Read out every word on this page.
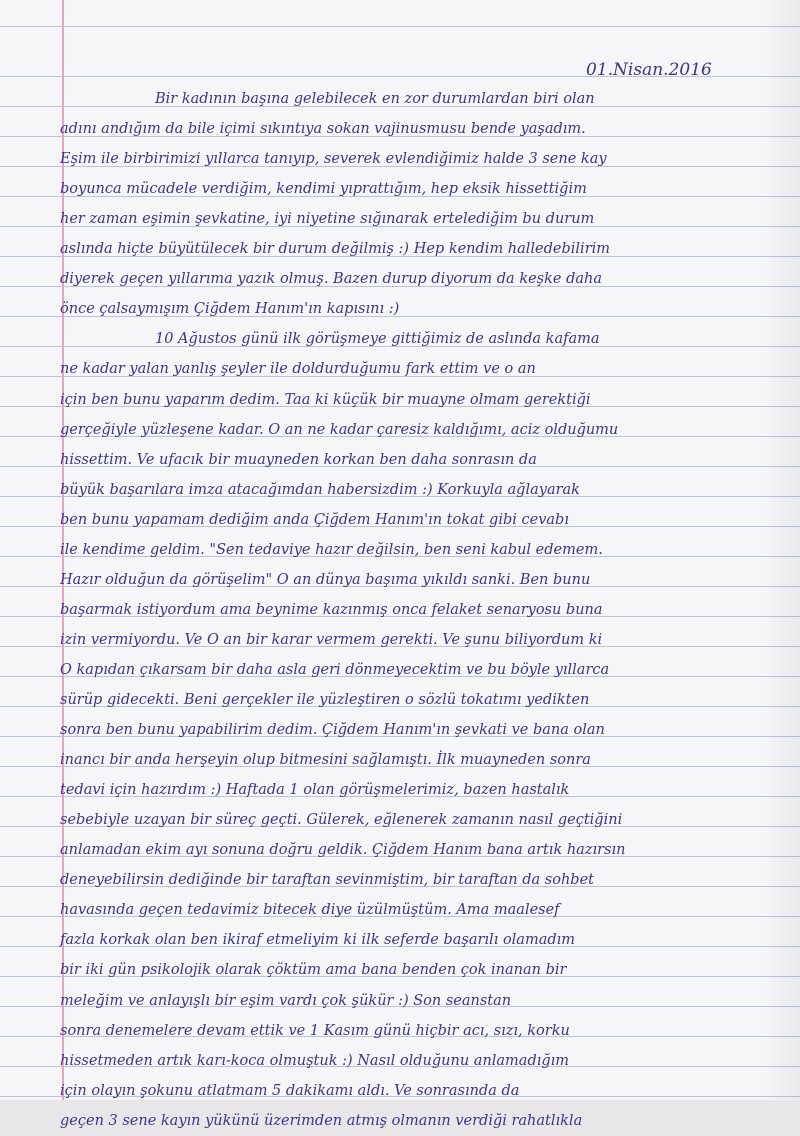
01.Nisan.2016
Bir kadının başına gelebilecek en zor durumlardan biri olan
adını andığım da bile içimi sıkıntıya sokan vajinusmusu bende yaşadım.
Eşim ile birbirimizi yıllarca tanıyıp, severek evlendiğimiz halde 3 sene kay
boyunca mücadele verdiğim, kendimi yıprattığım, hep eksik hissettiğim
her zaman eşimin şevkatine, iyi niyetine sığınarak ertelediğim bu durum
aslında hiçte büyütülecek bir durum değilmiş :) Hep kendim halledebilirim
diyerek geçen yıllarıma yazık olmuş. Bazen durup diyorum da keşke daha
önce çalsaymışım Çiğdem Hanım'ın kapısını :)
10 Ağustos günü ilk görüşmeye gittiğimiz de aslında kafama
ne kadar yalan yanlış şeyler ile doldurduğumu fark ettim ve o an
için ben bunu yaparım dedim. Taa ki küçük bir muayne olmam gerektiği
gerçeğiyle yüzleşene kadar. O an ne kadar çaresiz kaldığımı, aciz olduğumu
hissettim. Ve ufacık bir muayneden korkan ben daha sonrasın da
büyük başarılara imza atacağımdan habersizdim :) Korkuyla ağlayarak
ben bunu yapamam dediğim anda Çiğdem Hanım'ın tokat gibi cevabı
ile kendime geldim. "Sen tedaviye hazır değilsin, ben seni kabul edemem.
Hazır olduğun da görüşelim" O an dünya başıma yıkıldı sanki. Ben bunu
başarmak istiyordum ama beynime kazınmış onca felaket senaryosu buna
izin vermiyordu. Ve O an bir karar vermem gerekti. Ve şunu biliyordum ki
O kapıdan çıkarsam bir daha asla geri dönmeyecektim ve bu böyle yıllarca
sürüp gidecekti. Beni gerçekler ile yüzleştiren o sözlü tokatımı yedikten
sonra ben bunu yapabilirim dedim. Çiğdem Hanım'ın şevkati ve bana olan
inancı bir anda herşeyin olup bitmesini sağlamıştı. İlk muayneden sonra
tedavi için hazırdım :) Haftada 1 olan görüşmelerimiz, bazen hastalık
sebebiyle uzayan bir süreç geçti. Gülerek, eğlenerek zamanın nasıl geçtiğini
anlamadan ekim ayı sonuna doğru geldik. Çiğdem Hanım bana artık hazırsın
deneyebilirsin dediğinde bir taraftan sevinmiştim, bir taraftan da sohbet
havasında geçen tedavimiz bitecek diye üzülmüştüm. Ama maalesef
fazla korkak olan ben ikiraf etmeliyim ki ilk seferde başarılı olamadım
bir iki gün psikolojik olarak çöktüm ama bana benden çok inanan bir
meleğim ve anlayışlı bir eşim vardı çok şükür :) Son seanstan
sonra denemelere devam ettik ve 1 Kasım günü hiçbir acı, sızı, korku
hissetmeden artık karı-koca olmuştuk :) Nasıl olduğunu anlamadığım
için olayın şokunu atlatmam 5 dakikamı aldı. Ve sonrasında da
geçen 3 sene kayın yükünü üzerimden atmış olmanın verdiği rahatlıkla
